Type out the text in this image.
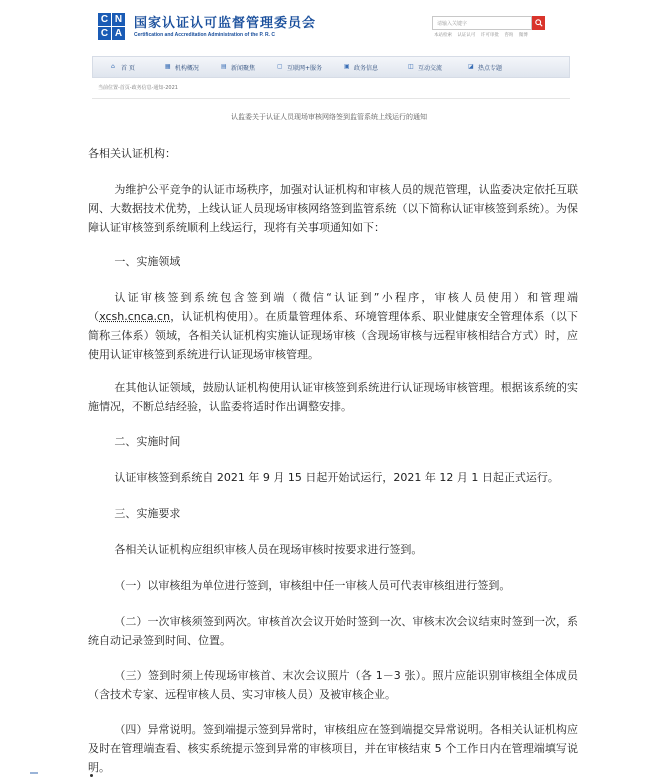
C N
C A
国家认证认可监督管理委员会
Certification and Accreditation Administration of the P. R. C
请输入关键字
本站检索 认证认可 许可审批 咨询 微博
⌂	首 页	▦ 机构概况	▤ 新闻聚焦	▢ 互联网+服务	▣ 政务信息	◫ 互动交流	◪ 热点专题
当前位置-首页-政务信息-通知-2021
认监委关于认证人员现场审核网络签到监管系统上线运行的通知
各相关认证机构：
为维护公平竞争的认证市场秩序，加强对认证机构和审核人员的规范管理，认监委决定依托互联网、大数据技术优势，上线认证人员现场审核网络签到监管系统（以下简称认证审核签到系统）。为保障认证审核签到系统顺利上线运行，现将有关事项通知如下：
一、实施领域
认证审核签到系统包含签到端（微信“认证到”小程序，审核人员使用）和管理端（xcsh.cnca.cn，认证机构使用）。在质量管理体系、环境管理体系、职业健康安全管理体系（以下简称三体系）领域，各相关认证机构实施认证现场审核（含现场审核与远程审核相结合方式）时，应使用认证审核签到系统进行认证现场审核管理。
在其他认证领域，鼓励认证机构使用认证审核签到系统进行认证现场审核管理。根据该系统的实施情况，不断总结经验，认监委将适时作出调整安排。
二、实施时间
认证审核签到系统自 2021 年 9 月 15 日起开始试运行，2021 年 12 月 1 日起正式运行。
三、实施要求
各相关认证机构应组织审核人员在现场审核时按要求进行签到。
（一）以审核组为单位进行签到，审核组中任一审核人员可代表审核组进行签到。
（二）一次审核须签到两次。审核首次会议开始时签到一次、审核末次会议结束时签到一次，系统自动记录签到时间、位置。
（三）签到时须上传现场审核首、末次会议照片（各 1－3 张）。照片应能识别审核组全体成员（含技术专家、远程审核人员、实习审核人员）及被审核企业。
（四）异常说明。签到端提示签到异常时，审核组应在签到端提交异常说明。各相关认证机构应及时在管理端查看、核实系统提示签到异常的审核项目，并在审核结束 5 个工作日内在管理端填写说明。
